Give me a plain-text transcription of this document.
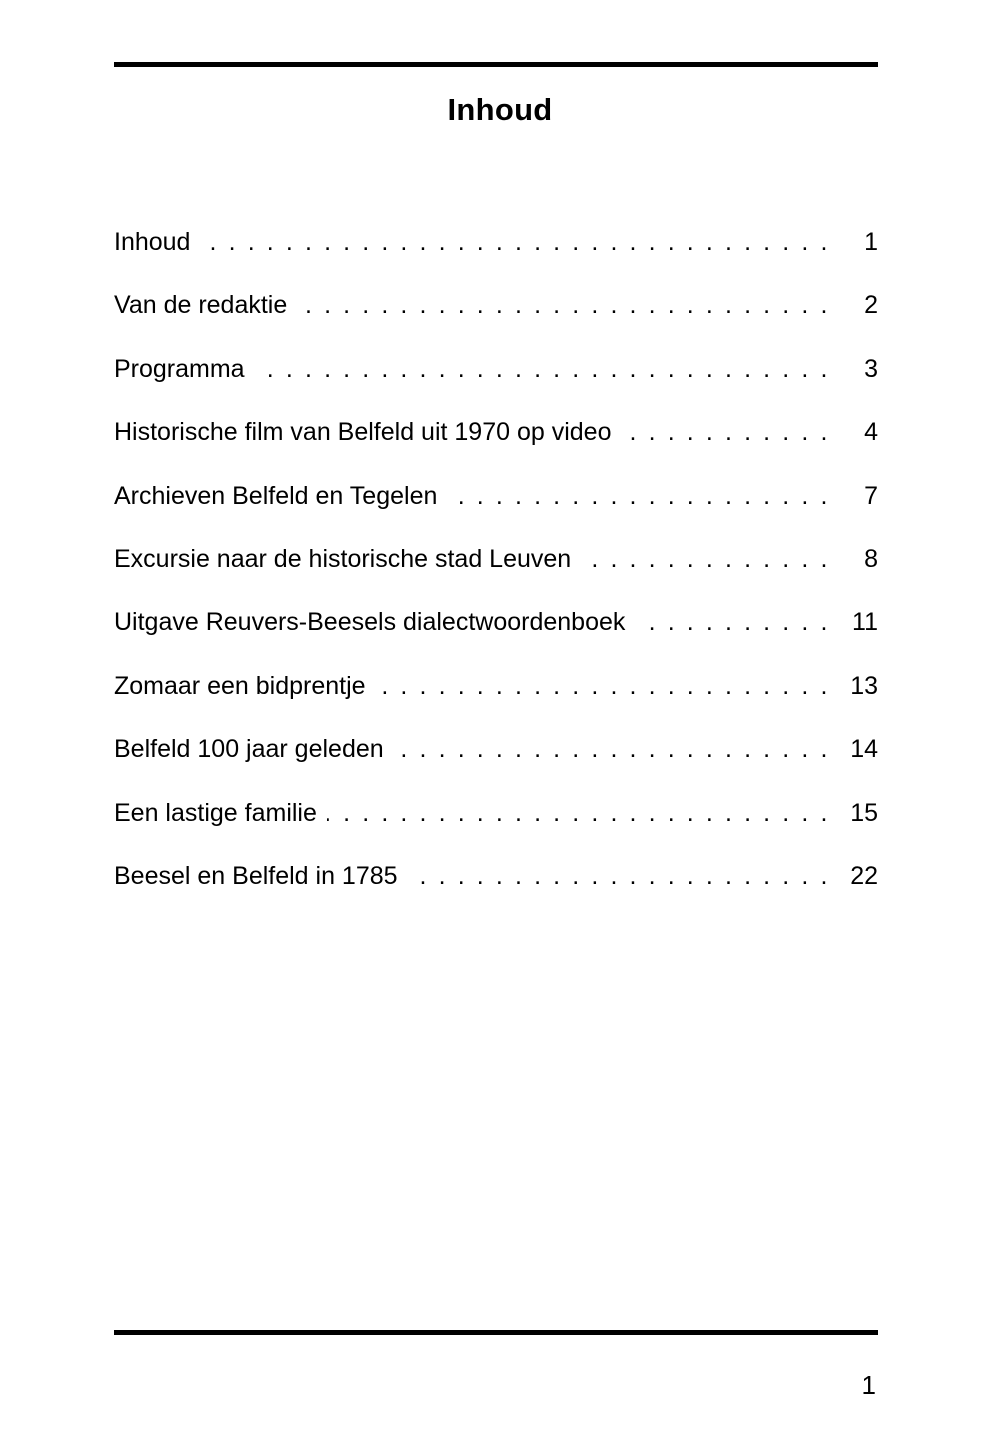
Inhoud
Inhoud . . .	1
Van de redaktie . . .	2
Programma . . .	3
Historische film van Belfeld uit 1970 op video . . .	4
Archieven Belfeld en Tegelen . . .	7
Excursie naar de historische stad Leuven . . .	8
Uitgave Reuvers-Beesels dialectwoordenboek . . .	11
Zomaar een bidprentje . . .	13
Belfeld 100 jaar geleden . . .	14
Een lastige familie . . .	15
Beesel en Belfeld in 1785 . . .	22
1
